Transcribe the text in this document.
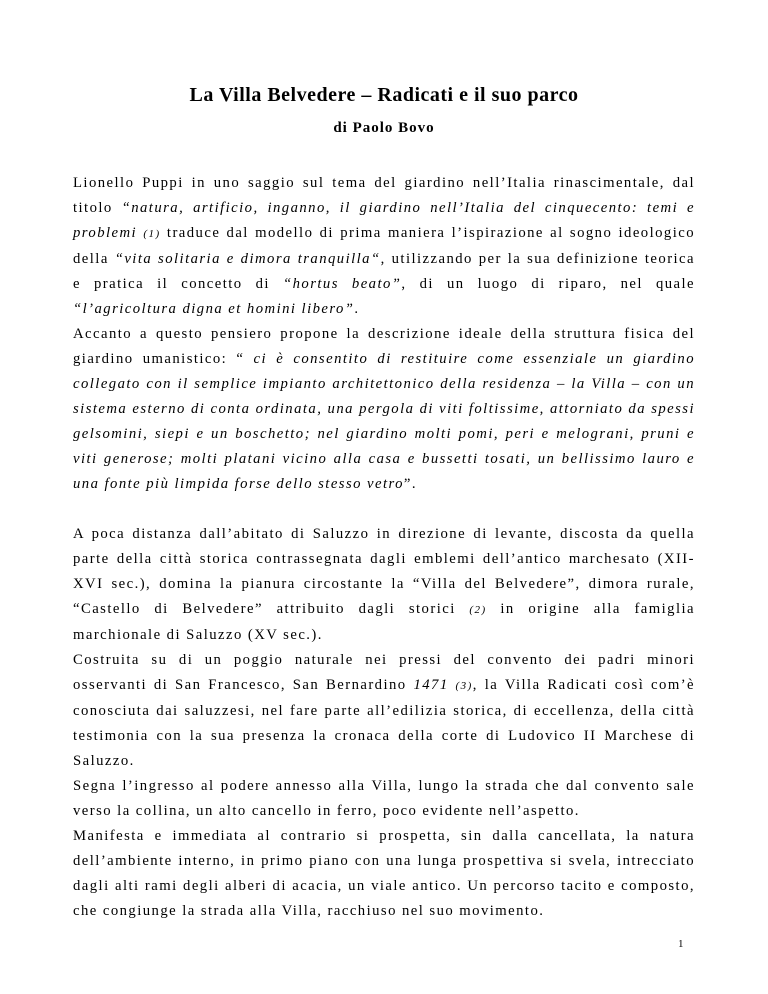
La Villa Belvedere – Radicati e il suo parco
di Paolo Bovo

Lionello Puppi in uno saggio sul tema del giardino nell’Italia rinascimentale, dal titolo “natura, artificio, inganno, il giardino nell’Italia del cinquecento: temi e problemi (1) traduce dal modello di prima maniera l’ispirazione al sogno ideologico della “vita solitaria e dimora tranquilla“, utilizzando per la sua definizione teorica e pratica il concetto di “hortus beato”, di un luogo di riparo, nel quale “l’agricoltura digna et homini libero”.

Accanto a questo pensiero propone la descrizione ideale della struttura fisica del giardino umanistico: “ ci è consentito di restituire come essenziale un giardino collegato con il semplice impianto architettonico della residenza – la Villa – con un sistema esterno di conta ordinata, una pergola di viti foltissime, attorniato da spessi gelsomini, siepi e un boschetto; nel giardino molti pomi, peri e melograni, pruni e viti generose; molti platani vicino alla casa e bussetti tosati, un bellissimo lauro e una fonte più limpida forse dello stesso vetro”.

A poca distanza dall’abitato di Saluzzo in direzione di levante, discosta da quella parte della città storica contrassegnata dagli emblemi dell’antico marchesato (XII-XVI sec.), domina la pianura circostante la “Villa del Belvedere”, dimora rurale, “Castello di Belvedere” attribuito dagli storici (2) in origine alla famiglia marchionale di Saluzzo (XV sec.).

Costruita su di un poggio naturale nei pressi del convento dei padri minori osservanti di San Francesco, San Bernardino 1471 (3), la Villa Radicati così com’è conosciuta dai saluzzesi, nel fare parte all’edilizia storica, di eccellenza, della città testimonia con la sua presenza la cronaca della corte di Ludovico II Marchese di Saluzzo.

Segna l’ingresso al podere annesso alla Villa, lungo la strada che dal convento sale verso la collina, un alto cancello in ferro, poco evidente nell’aspetto.

Manifesta e immediata al contrario si prospetta, sin dalla cancellata, la natura dell’ambiente interno, in primo piano con una lunga prospettiva si svela, intrecciato dagli alti rami degli alberi di acacia, un viale antico. Un percorso tacito e composto, che congiunge la strada alla Villa, racchiuso nel suo movimento.

1
